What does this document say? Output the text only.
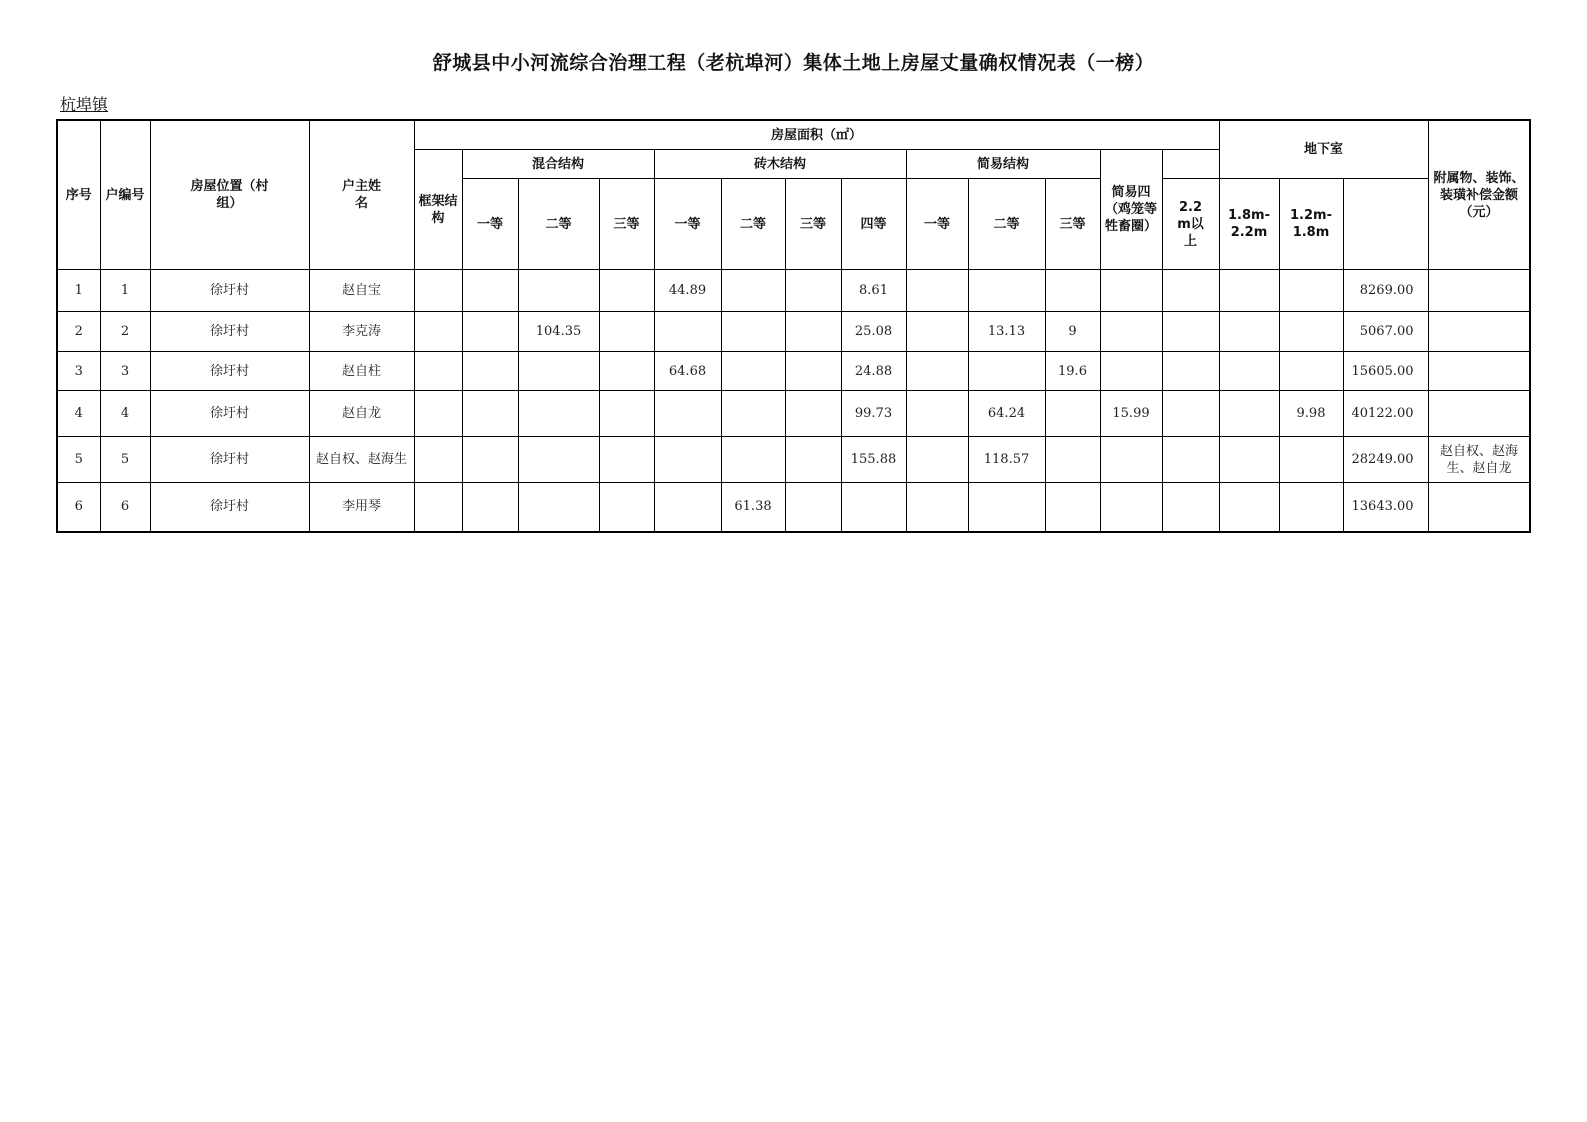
舒城县中小河流综合治理工程（老杭埠河）集体土地上房屋丈量确权情况表（一榜）
杭埠镇
序号	户编号	房屋位置（村组）	户主姓名	房屋面积（㎡）													地下室			附属物、装饰、装璜补偿金额（元）	
				框架结构	混合结构			砖木结构				简易结构			简易四（鸡笼等牲畜圈）						
					一等	二等	三等	一等	二等	三等	四等	一等	二等	三等		2.2m以上	1.8m-2.2m	1.2m-1.8m			
1	1	徐圩村	赵自宝					44.89			8.61								8269.00		
2	2	徐圩村	李克涛			104.35					25.08		13.13	9					5067.00		
3	3	徐圩村	赵自柱					64.68			24.88			19.6					15605.00		
4	4	徐圩村	赵自龙								99.73		64.24		15.99			9.98	40122.00		
5	5	徐圩村	赵自权、赵海生								155.88		118.57						28249.00	赵自权、赵海生、赵自龙	
6	6	徐圩村	李用琴						61.38										13643.00		
